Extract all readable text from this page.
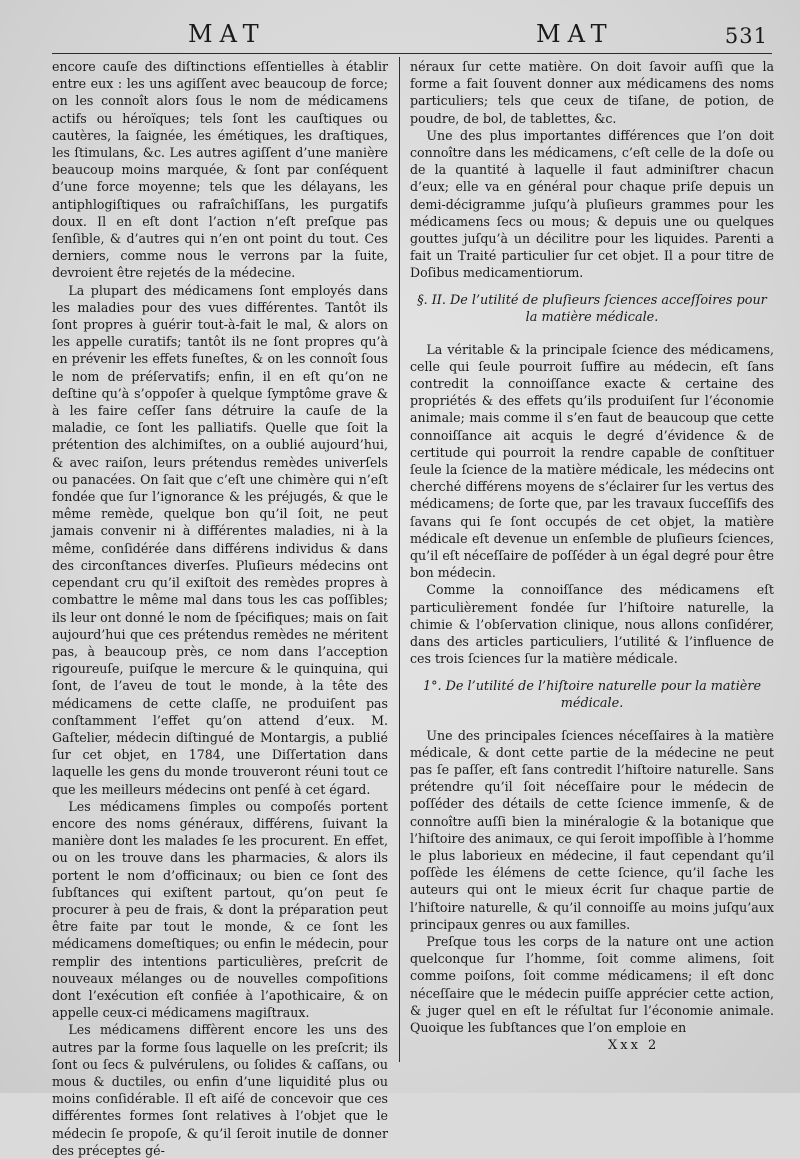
MAT	MAT	531

encore cauſe des diſtinctions eſſentielles à établir entre eux : les uns agiſſent avec beaucoup de force; on les connoît alors ſous le nom de médicamens actifs ou héroïques; tels ſont les cauſtiques ou cautères, la ſaignée, les émétiques, les draſtiques, les ſtimulans, &c. Les autres agiſſent d’une manière beaucoup moins marquée, & ſont par conſéquent d’une force moyenne; tels que les délayans, les antiphlogiſtiques ou rafraîchiſſans, les purgatifs doux. Il en eſt dont l’action n’eſt preſque pas ſenſible, & d’autres qui n’en ont point du tout. Ces derniers, comme nous le verrons par la ſuite, devroient être rejetés de la médecine.

La plupart des médicamens ſont employés dans les maladies pour des vues différentes. Tantôt ils ſont propres à guérir tout-à-fait le mal, & alors on les appelle curatifs; tantôt ils ne ſont propres qu’à en prévenir les effets funeſtes, & on les connoît ſous le nom de préſervatifs; enfin, il en eſt qu’on ne deſtine qu’à s’oppoſer à quelque ſymptôme grave & à les faire ceſſer ſans détruire la cauſe de la maladie, ce ſont les palliatifs. Quelle que ſoit la prétention des alchimiſtes, on a oublié aujourd’hui, & avec raiſon, leurs prétendus remèdes univerſels ou panacées. On ſait que c’eſt une chimère qui n’eſt fondée que ſur l’ignorance & les préjugés, & que le même remède, quelque bon qu’il ſoit, ne peut jamais convenir ni à différentes maladies, ni à la même, conſidérée dans différens individus & dans des circonſtances diverſes. Pluſieurs médecins ont cependant cru qu’il exiſtoit des remèdes propres à combattre le même mal dans tous les cas poſſibles; ils leur ont donné le nom de ſpécifiques; mais on ſait aujourd’hui que ces prétendus remèdes ne méritent pas, à beaucoup près, ce nom dans l’acception rigoureuſe, puiſque le mercure & le quinquina, qui ſont, de l’aveu de tout le monde, à la tête des médicamens de cette claſſe, ne produiſent pas conſtamment l’effet qu’on attend d’eux. M. Gaſtelier, médecin diſtingué de Montargis, a publié ſur cet objet, en 1784, une Diſſertation dans laquelle les gens du monde trouveront réuni tout ce que les meilleurs médecins ont penſé à cet égard.

Les médicamens ſimples ou compoſés portent encore des noms généraux, différens, ſuivant la manière dont les malades ſe les procurent. En effet, ou on les trouve dans les pharmacies, & alors ils portent le nom d’officinaux; ou bien ce ſont des ſubſtances qui exiſtent partout, qu’on peut ſe procurer à peu de frais, & dont la préparation peut être faite par tout le monde, & ce ſont les médicamens domeſtiques; ou enfin le médecin, pour remplir des intentions particulières, preſcrit de nouveaux mélanges ou de nouvelles compoſitions dont l’exécution eſt confiée à l’apothicaire, & on appelle ceux-ci médicamens magiſtraux.

Les médicamens diffèrent encore les uns des autres par la forme ſous laquelle on les preſcrit; ils ſont ou ſecs & pulvérulens, ou ſolides & caſſans, ou mous & ductiles, ou enfin d’une liquidité plus ou moins conſidérable. Il eſt aiſé de concevoir que ces différentes formes ſont relatives à l’objet que le médecin ſe propoſe, & qu’il ſeroit inutile de donner des préceptes gé-

néraux ſur cette matière. On doit ſavoir auſſi que la forme a fait ſouvent donner aux médicamens des noms particuliers; tels que ceux de tiſane, de potion, de poudre, de bol, de tablettes, &c.

Une des plus importantes différences que l’on doit connoître dans les médicamens, c’eſt celle de la doſe ou de la quantité à laquelle il faut adminiſtrer chacun d’eux; elle va en général pour chaque priſe depuis un demi-décigramme juſqu’à pluſieurs grammes pour les médicamens ſecs ou mous; & depuis une ou quelques gouttes juſqu’à un décilitre pour les liquides. Parenti a fait un Traité particulier ſur cet objet. Il a pour titre de Doſibus medicamentiorum.

§. II. De l’utilité de pluſieurs ſciences acceſſoires pour la matière médicale.

La véritable & la principale ſcience des médicamens, celle qui ſeule pourroit ſuffire au médecin, eſt ſans contredit la connoiſſance exacte & certaine des propriétés & des effets qu’ils produiſent ſur l’économie animale; mais comme il s’en faut de beaucoup que cette connoiſſance ait acquis le degré d’évidence & de certitude qui pourroit la rendre capable de conſtituer ſeule la ſcience de la matière médicale, les médecins ont cherché différens moyens de s’éclairer ſur les vertus des médicamens; de ſorte que, par les travaux ſucceſſifs des ſavans qui ſe ſont occupés de cet objet, la matière médicale eſt devenue un enſemble de pluſieurs ſciences, qu’il eſt néceſſaire de poſſéder à un égal degré pour être bon médecin.

Comme la connoiſſance des médicamens eſt particulièrement fondée ſur l’hiſtoire naturelle, la chimie & l’obſervation clinique, nous allons conſidérer, dans des articles particuliers, l’utilité & l’influence de ces trois ſciences ſur la matière médicale.

1°. De l’utilité de l’hiſtoire naturelle pour la matière médicale.

Une des principales ſciences néceſſaires à la matière médicale, & dont cette partie de la médecine ne peut pas ſe paſſer, eſt ſans contredit l’hiſtoire naturelle. Sans prétendre qu’il ſoit néceſſaire pour le médecin de poſſéder des détails de cette ſcience immenſe, & de connoître auſſi bien la minéralogie & la botanique que l’hiſtoire des animaux, ce qui ſeroit impoſſible à l’homme le plus laborieux en médecine, il faut cependant qu’il poſſède les élémens de cette ſcience, qu’il ſache les auteurs qui ont le mieux écrit ſur chaque partie de l’hiſtoire naturelle, & qu’il connoiſſe au moins juſqu’aux principaux genres ou aux familles.

Preſque tous les corps de la nature ont une action quelconque ſur l’homme, ſoit comme alimens, ſoit comme poiſons, ſoit comme médicamens; il eſt donc néceſſaire que le médecin puiſſe apprécier cette action, & juger quel en eſt le réſultat ſur l’économie animale. Quoique les ſubſtances que l’on emploie en

Xxx 2
